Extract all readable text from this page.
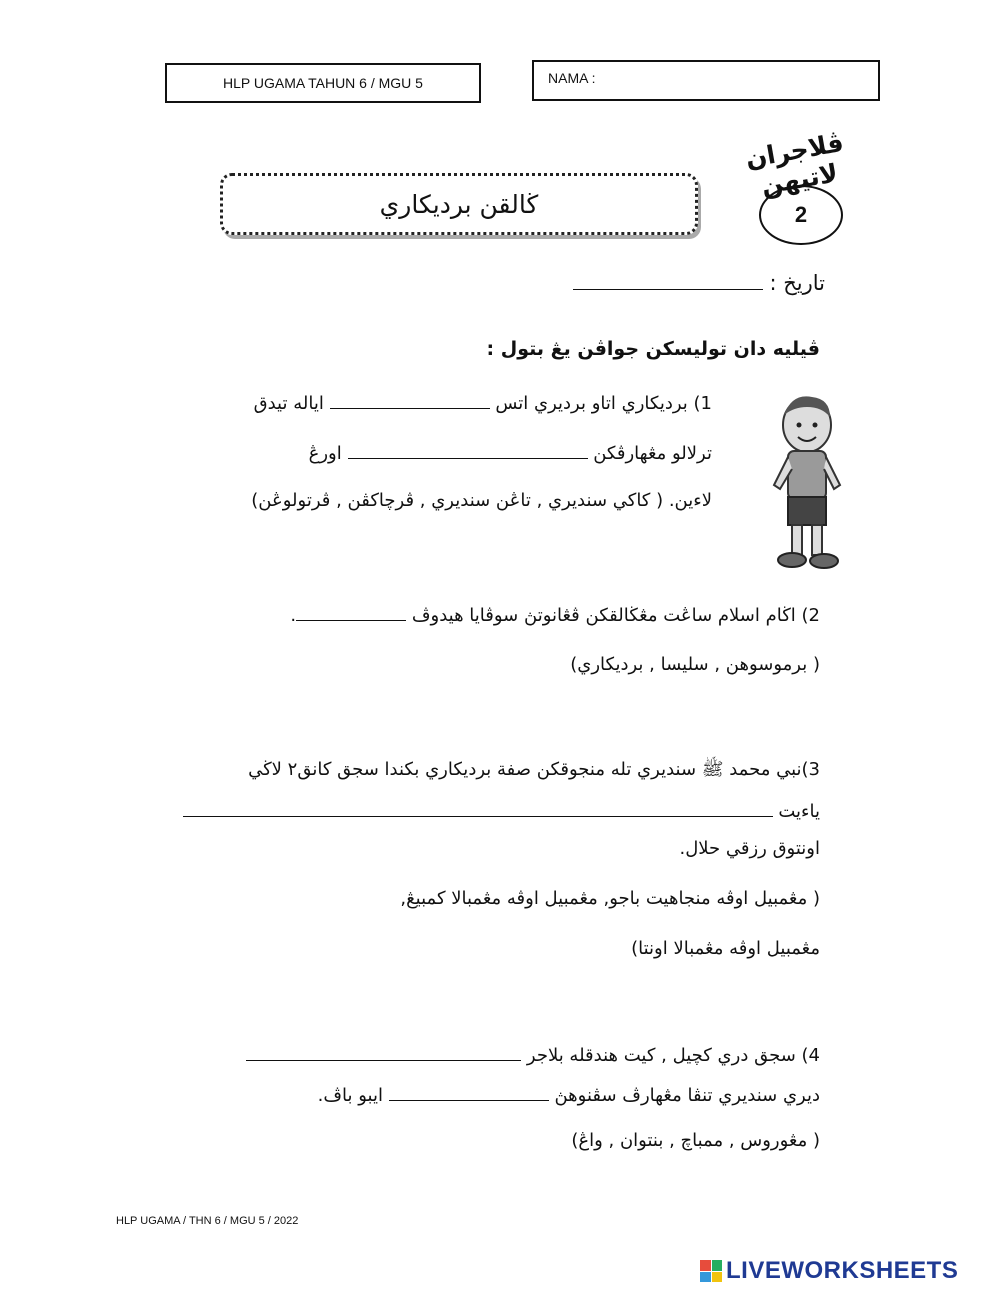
HLP UGAMA TAHUN 6 / MGU 5	NAMA :
ڤلاجران لاتيهن
2
ڬالقن برديكاري
تاريخ :
ڤيليه دان توليسکن جواڤن يڠ بتول :
1) برديكاري اتاو برديري اتس  اياله تيدق
ترلالو مڠهارڤكن  اورڠ
لاءين. ( كاکي سنديري , تاڠن سنديري , ڤرچاکڤن , ڤرتولوڠن)
2) اڬام اسلام ساڠت مڠڬالقكن ڤڠانوتڽ سوڤايا هيدوڤ .
( برموسوهن , سليسا , برديكاري)
3)نبي محمد ﷺ سنديري تله منجوقكن صفة برديكاري بکندا سجق كانق٢ لاڬي
ياءيت
اونتوق رزقي حلال.
( مڠمبيل اوڤه منجاهيت باجو, مڠمبيل اوڤه مڠمبالا كمبيڠ,
مڠمبيل اوڤه مڠمبالا اونتا)
4) سجق دري كچيل , كيت هندقله بلاجر
ديري سنديري تنڤا مڠهارڤ سڤنوهڽ  ايبو باڤ.
( مڠوروس , ممباچ , بنتوان , واڠ)
HLP UGAMA / THN 6 / MGU 5 / 2022
LIVEWORKSHEETS
